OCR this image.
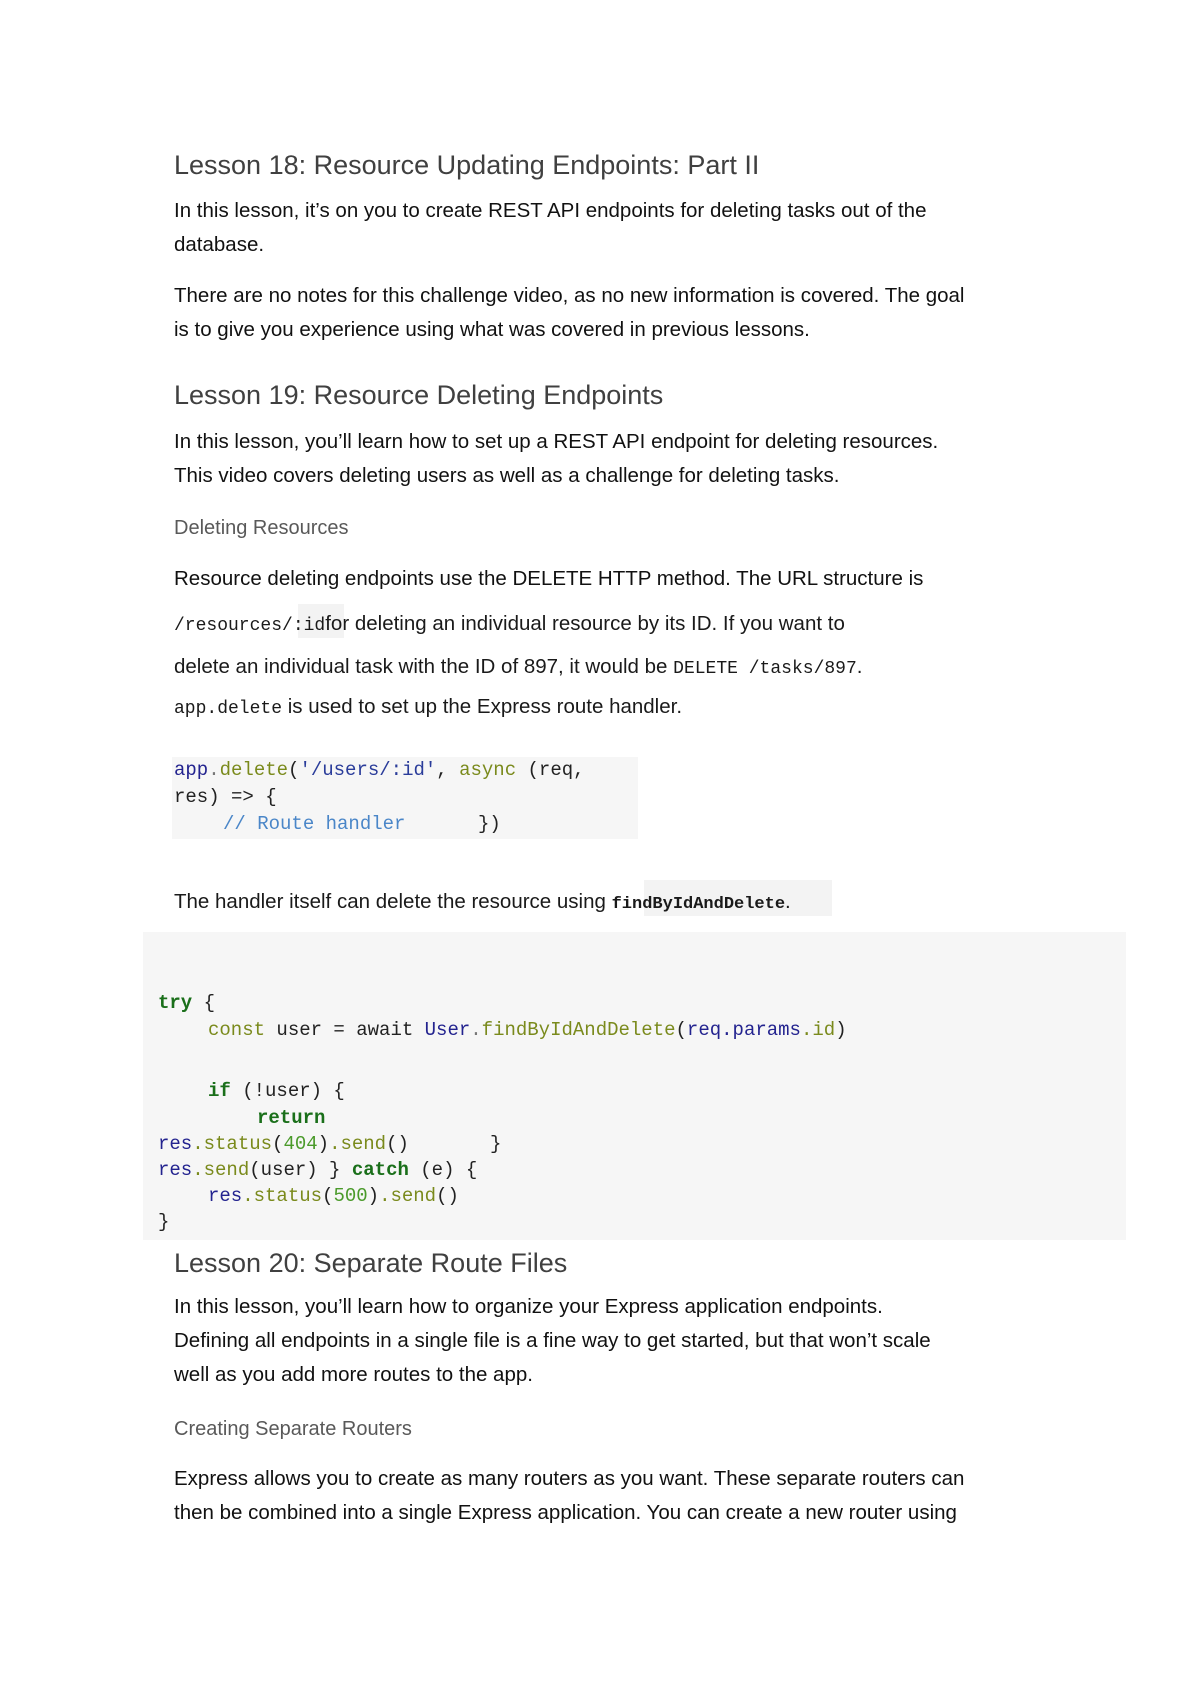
Lesson 18: Resource Updating Endpoints: Part II
In this lesson, it’s on you to create REST API endpoints for deleting tasks out of the
database.
There are no notes for this challenge video, as no new information is covered. The goal
is to give you experience using what was covered in previous lessons.
Lesson 19: Resource Deleting Endpoints
In this lesson, you’ll learn how to set up a REST API endpoint for deleting resources.
This video covers deleting users as well as a challenge for deleting tasks.
Deleting Resources
Resource deleting endpoints use the DELETE HTTP method. The URL structure is
/resources/:idfor deleting an individual resource by its ID. If you want to
delete an individual task with the ID of 897, it would be DELETE /tasks/897.
app.delete is used to set up the Express route handler.
app.delete('/users/:id', async (req,
res) => {
// Route handler	})
The handler itself can delete the resource using findByIdAndDelete.
try {
const user = await User.findByIdAndDelete(req.params.id)
if (!user) {
return
res.status(404).send()	}
res.send(user) } catch (e) {
res.status(500).send()
}
Lesson 20: Separate Route Files
In this lesson, you’ll learn how to organize your Express application endpoints.
Defining all endpoints in a single file is a fine way to get started, but that won’t scale
well as you add more routes to the app.
Creating Separate Routers
Express allows you to create as many routers as you want. These separate routers can
then be combined into a single Express application. You can create a new router using
